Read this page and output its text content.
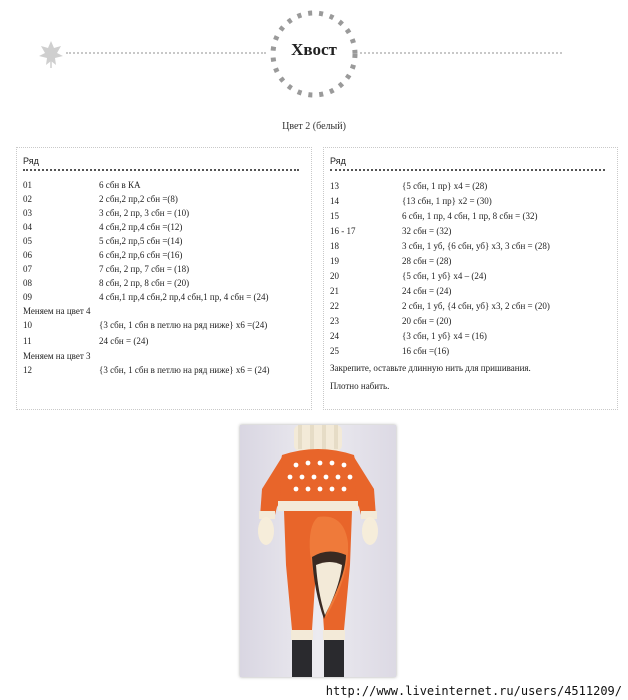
Хвост
Цвет 2 (белый)
Ряд
01	6 сбн в КА
02	2 сбн,2 пр,2 сбн =(8)
03	3 сбн, 2 пр, 3 сбн = (10)
04	4 сбн,2 пр,4 сбн =(12)
05	5 сбн,2 пр,5 сбн =(14)
06	6 сбн,2 пр,6 сбн =(16)
07	7 сбн, 2 пр, 7 сбн = (18)
08	8 сбн, 2 пр, 8 сбн = (20)
09	4 сбн,1 пр,4 сбн,2 пр,4 сбн,1 пр, 4 сбн = (24)
Меняем на цвет 4
10	{3 сбн, 1 сбн в петлю на ряд ниже} х6 =(24)
11	24 сбн = (24)
Меняем на цвет 3
12	{3 сбн, 1 сбн в петлю на ряд ниже} х6 = (24)
Ряд
13	{5 сбн, 1 пр} х4 = (28)
14	{13 сбн, 1 пр} х2 = (30)
15	6 сбн, 1 пр, 4 сбн, 1 пр, 8 сбн = (32)
16 - 17	32 сбн = (32)
18	3 сбн, 1 уб, {6 сбн, уб} х3, 3 сбн = (28)
19	28 сбн = (28)
20	{5 сбн, 1 уб} х4 – (24)
21	24 сбн = (24)
22	2 сбн, 1 уб, {4 сбн, уб} х3, 2 сбн = (20)
23	20 сбн = (20)
24	{3 сбн, 1 уб} х4 = (16)
25	16 сбн =(16)
Закрепите, оставьте длинную нить для пришивания.
Плотно набить.
http://www.liveinternet.ru/users/4511209/
